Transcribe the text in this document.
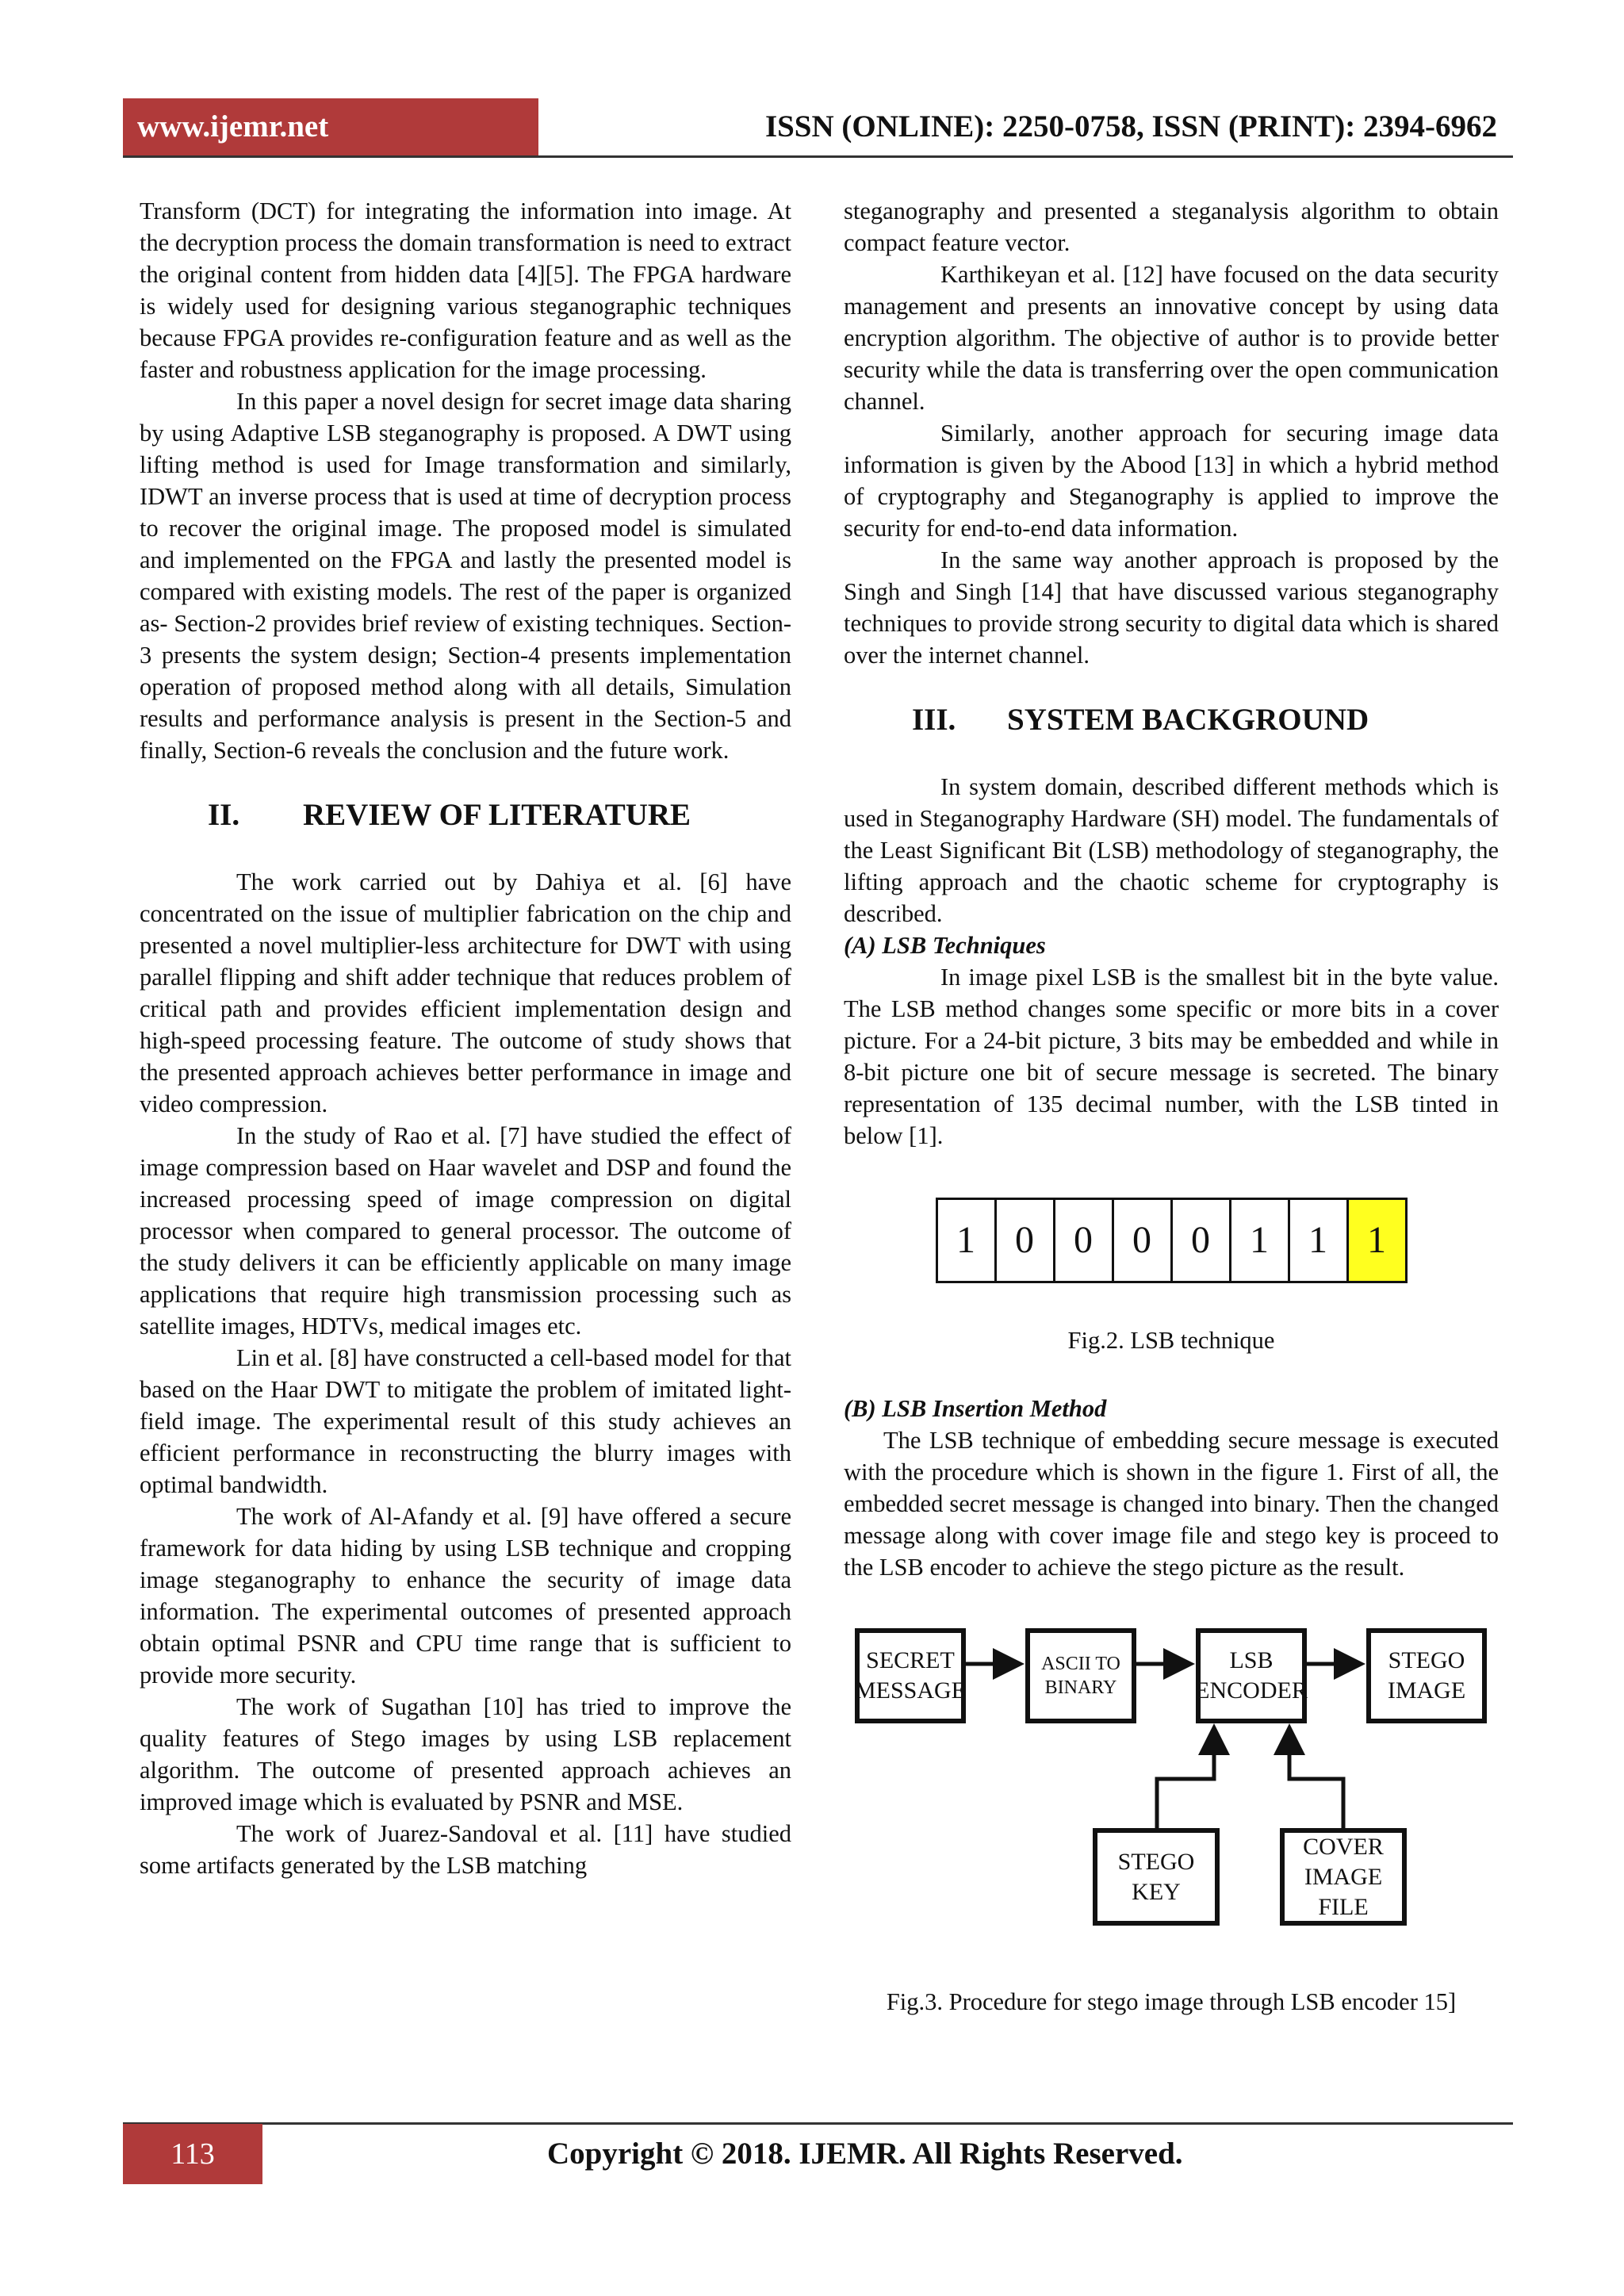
www.ijemr.net	ISSN (ONLINE): 2250-0758, ISSN (PRINT): 2394-6962

Transform (DCT) for integrating the information into image. At the decryption process the domain transformation is need to extract the original content from hidden data [4][5]. The FPGA hardware is widely used for designing various steganographic techniques because FPGA provides re-configuration feature and as well as the faster and robustness application for the image processing.

In this paper a novel design for secret image data sharing by using Adaptive LSB steganography is proposed. A DWT using lifting method is used for Image transformation and similarly, IDWT an inverse process that is used at time of decryption process to recover the original image. The proposed model is simulated and implemented on the FPGA and lastly the presented model is compared with existing models. The rest of the paper is organized as- Section-2 provides brief review of existing techniques. Section-3 presents the system design; Section-4 presents implementation operation of proposed method along with all details, Simulation results and performance analysis is present in the Section-5 and finally, Section-6 reveals the conclusion and the future work.

II. REVIEW OF LITERATURE

The work carried out by Dahiya et al. [6] have concentrated on the issue of multiplier fabrication on the chip and presented a novel multiplier-less architecture for DWT with using parallel flipping and shift adder technique that reduces problem of critical path and provides efficient implementation design and high-speed processing feature. The outcome of study shows that the presented approach achieves better performance in image and video compression.

In the study of Rao et al. [7] have studied the effect of image compression based on Haar wavelet and DSP and found the increased processing speed of image compression on digital processor when compared to general processor. The outcome of the study delivers it can be efficiently applicable on many image applications that require high transmission processing such as satellite images, HDTVs, medical images etc.

Lin et al. [8] have constructed a cell-based model for that based on the Haar DWT to mitigate the problem of imitated light-field image. The experimental result of this study achieves an efficient performance in reconstructing the blurry images with optimal bandwidth.

The work of Al-Afandy et al. [9] have offered a secure framework for data hiding by using LSB technique and cropping image steganography to enhance the security of image data information. The experimental outcomes of presented approach obtain optimal PSNR and CPU time range that is sufficient to provide more security.

The work of Sugathan [10] has tried to improve the quality features of Stego images by using LSB replacement algorithm. The outcome of presented approach achieves an improved image which is evaluated by PSNR and MSE.

The work of Juarez-Sandoval et al. [11] have studied some artifacts generated by the LSB matching

steganography and presented a steganalysis algorithm to obtain compact feature vector.

Karthikeyan et al. [12] have focused on the data security management and presents an innovative concept by using data encryption algorithm. The objective of author is to provide better security while the data is transferring over the open communication channel.

Similarly, another approach for securing image data information is given by the Abood [13] in which a hybrid method of cryptography and Steganography is applied to improve the security for end-to-end data information.

In the same way another approach is proposed by the Singh and Singh [14] that have discussed various steganography techniques to provide strong security to digital data which is shared over the internet channel.

III. SYSTEM BACKGROUND

In system domain, described different methods which is used in Steganography Hardware (SH) model. The fundamentals of the Least Significant Bit (LSB) methodology of steganography, the lifting approach and the chaotic scheme for cryptography is described.

(A) LSB Techniques

In image pixel LSB is the smallest bit in the byte value. The LSB method changes some specific or more bits in a cover picture. For a 24-bit picture, 3 bits may be embedded and while in 8-bit picture one bit of secure message is secreted. The binary representation of 135 decimal number, with the LSB tinted in below [1].

1	0	0	0	0	1	1	1
Fig.2. LSB technique
(B) LSB Insertion Method

The LSB technique of embedding secure message is executed with the procedure which is shown in the figure 1. First of all, the embedded secret message is changed into binary. Then the changed message along with cover image file and stego key is proceed to the LSB encoder to achieve the stego picture as the result.

SECRET
MESSAGE
ASCII TO
BINARY
LSB
ENCODER
STEGO
IMAGE
STEGO KEY
COVER
IMAGE FILE
Fig.3. Procedure for stego image through LSB encoder 15]
113	Copyright © 2018. IJEMR. All Rights Reserved.
